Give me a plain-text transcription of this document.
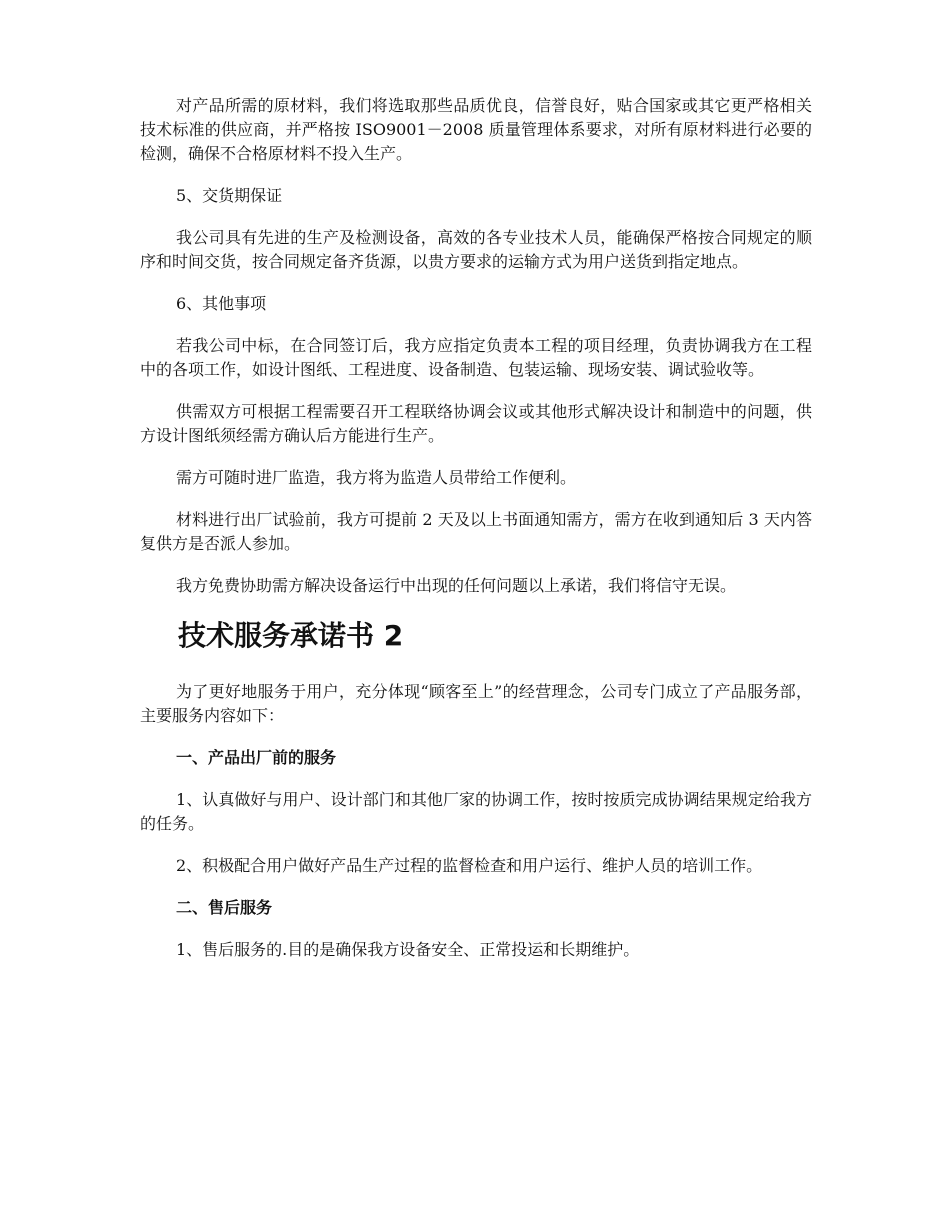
对产品所需的原材料，我们将选取那些品质优良，信誉良好，贴合国家或其它更严格相关技术标准的供应商，并严格按 ISO9001－2008 质量管理体系要求，对所有原材料进行必要的检测，确保不合格原材料不投入生产。

5、交货期保证

我公司具有先进的生产及检测设备，高效的各专业技术人员，能确保严格按合同规定的顺序和时间交货，按合同规定备齐货源，以贵方要求的运输方式为用户送货到指定地点。

6、其他事项

若我公司中标，在合同签订后，我方应指定负责本工程的项目经理，负责协调我方在工程中的各项工作，如设计图纸、工程进度、设备制造、包装运输、现场安装、调试验收等。

供需双方可根据工程需要召开工程联络协调会议或其他形式解决设计和制造中的问题，供方设计图纸须经需方确认后方能进行生产。

需方可随时进厂监造，我方将为监造人员带给工作便利。

材料进行出厂试验前，我方可提前 2 天及以上书面通知需方，需方在收到通知后 3 天内答复供方是否派人参加。

我方免费协助需方解决设备运行中出现的任何问题以上承诺，我们将信守无误。

技术服务承诺书 2

为了更好地服务于用户，充分体现“顾客至上”的经营理念，公司专门成立了产品服务部，主要服务内容如下：

一、产品出厂前的服务

1、认真做好与用户、设计部门和其他厂家的协调工作，按时按质完成协调结果规定给我方的任务。

2、积极配合用户做好产品生产过程的监督检查和用户运行、维护人员的培训工作。

二、售后服务

1、售后服务的.目的是确保我方设备安全、正常投运和长期维护。
